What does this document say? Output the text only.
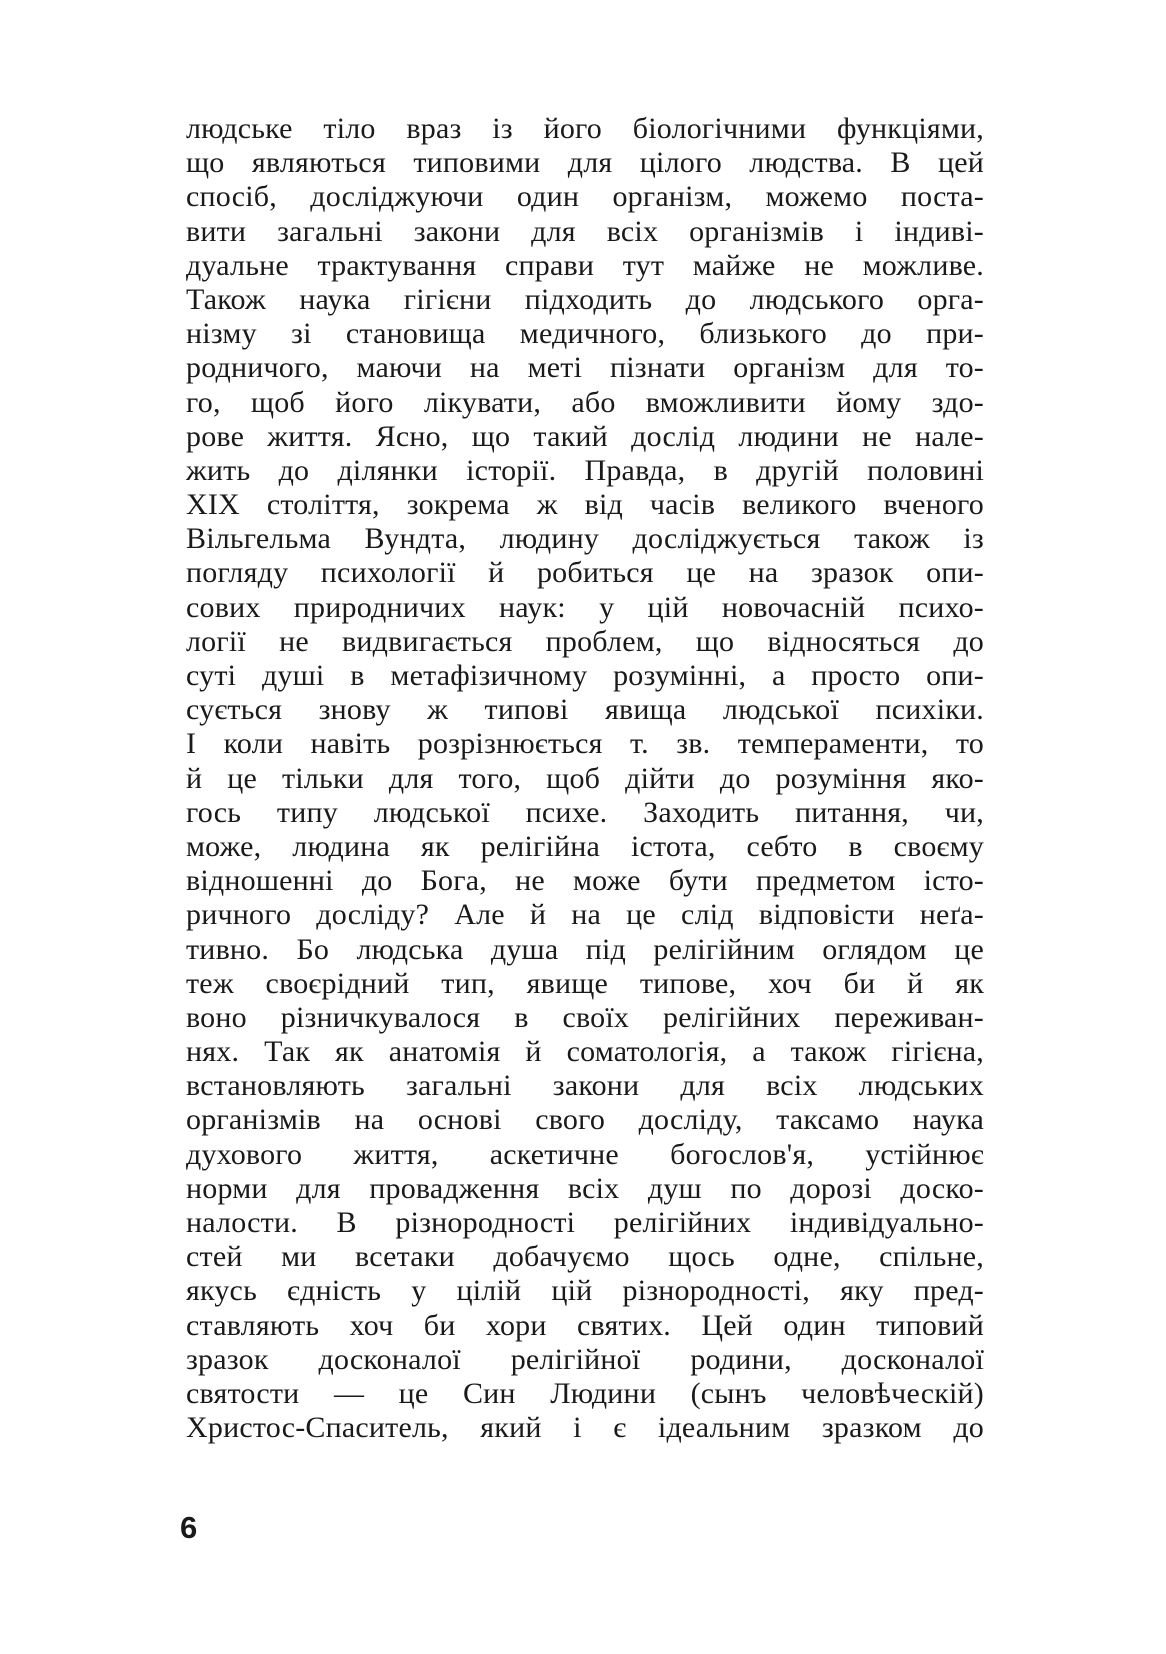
людське тіло враз із його біологічними функціями,
що являються типовими для цілого людства. В цей
спосіб, досліджуючи один організм, можемо поста-
вити загальні закони для всіх організмів і індиві-
дуальне трактування справи тут майже не можливе.
Також наука гігієни підходить до людського орга-
нізму зі становища медичного, близького до при-
родничого, маючи на меті пізнати організм для то-
го, щоб його лікувати, або вможливити йому здо-
рове життя. Ясно, що такий дослід людини не нале-
жить до ділянки історії. Правда, в другій половині
XIX століття, зокрема ж від часів великого вченого
Вільгельма Вундта, людину досліджується також із
погляду психології й робиться це на зразок опи-
сових природничих наук: у цій новочасній психо-
логії не видвигається проблем, що відносяться до
суті душі в метафізичному розумінні, а просто опи-
сується знову ж типові явища людської психіки.
І коли навіть розрізнюється т. зв. темпераменти, то
й це тільки для того, щоб дійти до розуміння яко-
гось типу людської психе. Заходить питання, чи,
може, людина як релігійна істота, себто в своєму
відношенні до Бога, не може бути предметом істо-
ричного досліду? Але й на це слід відповісти неґа-
тивно. Бо людська душа під релігійним оглядом це
теж своєрідний тип, явище типове, хоч би й як
воно різничкувалося в своїх релігійних переживан-
нях. Так як анатомія й соматологія, а також гігієна,
встановляють загальні закони для всіх людських
організмів на основі свого досліду, таксамо наука
духового життя, аскетичне богослов'я, устійнює
норми для провадження всіх душ по дорозі доско-
налости. В різнородності релігійних індивідуально-
стей ми всетаки добачуємо щось одне, спільне,
якусь єдність у цілій цій різнородності, яку пред-
ставляють хоч би хори святих. Цей один типовий
зразок досконалої релігійної родини, досконалої
святости — це Син Людини (сынъ человѣческій)
Христос-Спаситель, який і є ідеальним зразком до
6
